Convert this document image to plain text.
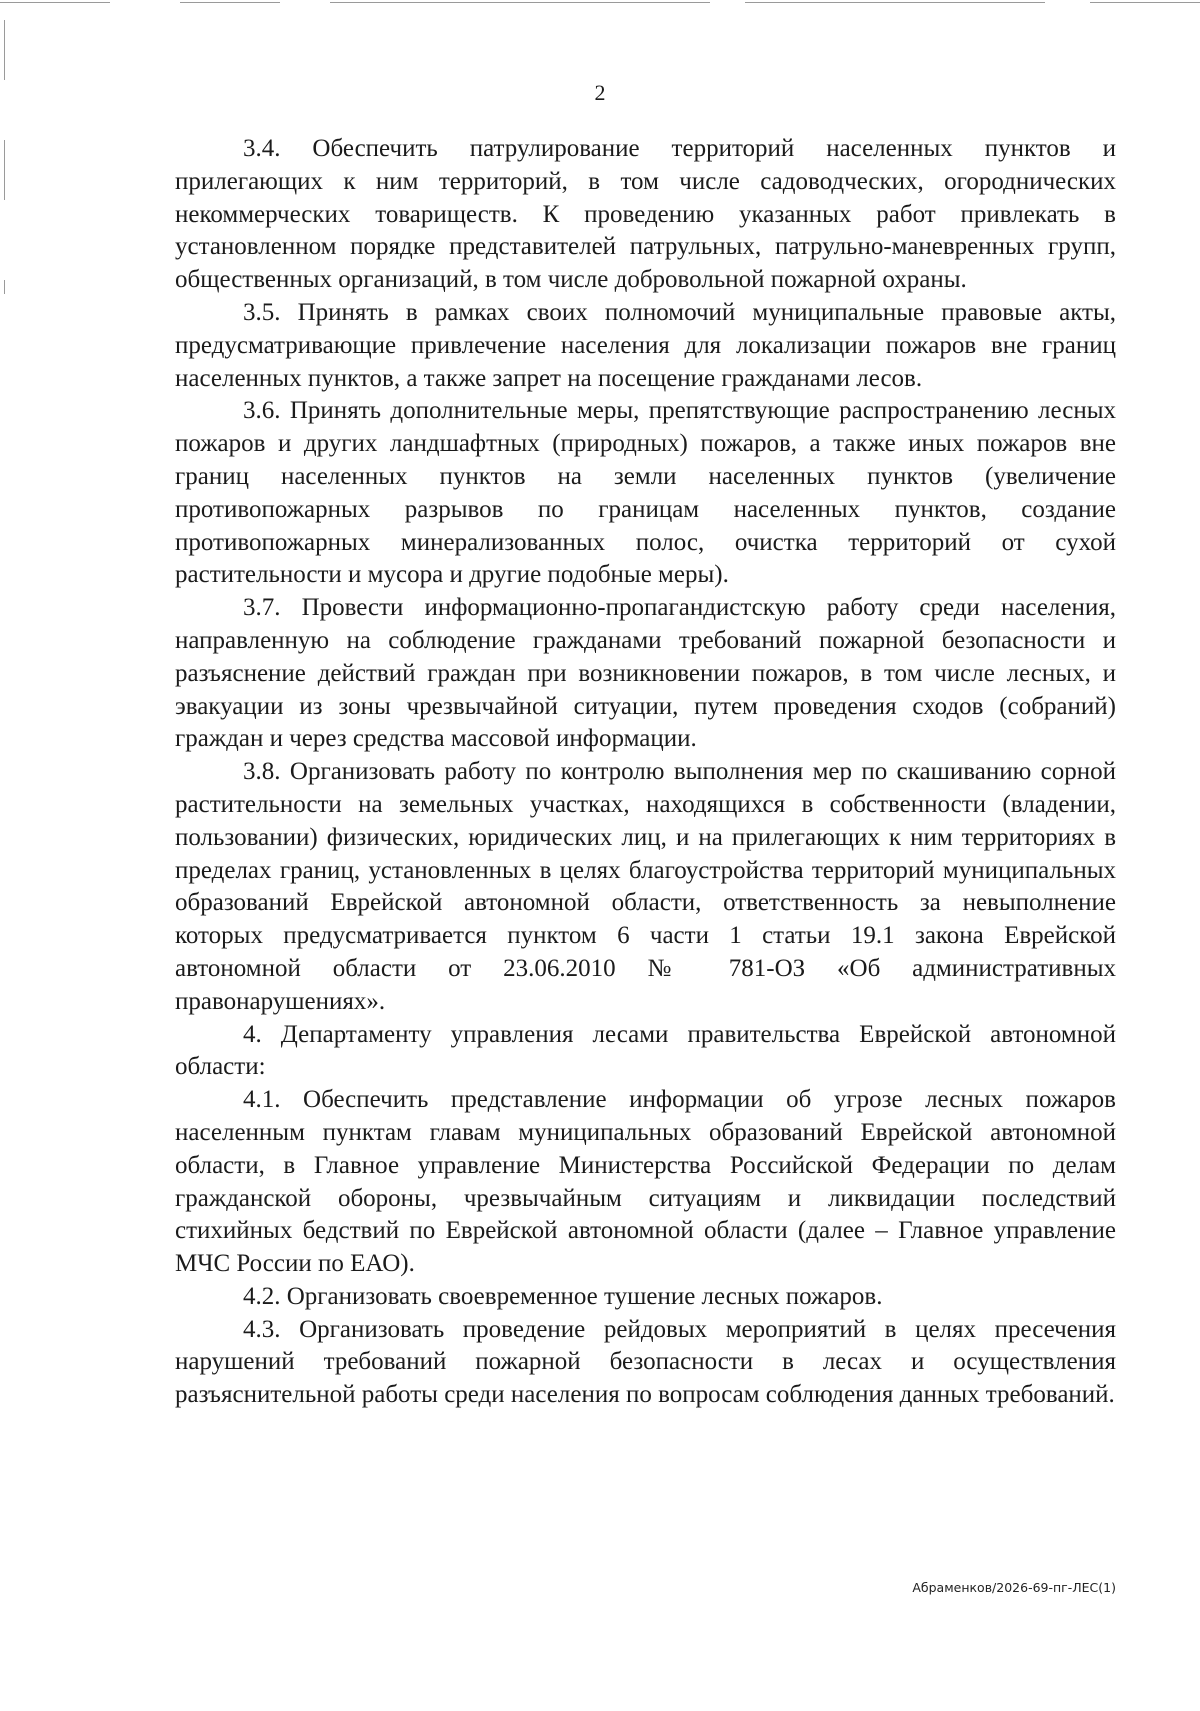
2

3.4. Обеспечить патрулирование территорий населенных пунктов и прилегающих к ним территорий, в том числе садоводческих, огороднических некоммерческих товариществ. К проведению указанных работ привлекать в установленном порядке представителей патрульных, патрульно-маневренных групп, общественных организаций, в том числе добровольной пожарной охраны.

3.5. Принять в рамках своих полномочий муниципальные правовые акты, предусматривающие привлечение населения для локализации пожаров вне границ населенных пунктов, а также запрет на посещение гражданами лесов.

3.6. Принять дополнительные меры, препятствующие распространению лесных пожаров и других ландшафтных (природных) пожаров, а также иных пожаров вне границ населенных пунктов на земли населенных пунктов (увеличение противопожарных разрывов по границам населенных пунктов, создание противопожарных минерализованных полос, очистка территорий от сухой растительности и мусора и другие подобные меры).

3.7. Провести информационно-пропагандистскую работу среди населения, направленную на соблюдение гражданами требований пожарной безопасности и разъяснение действий граждан при возникновении пожаров, в том числе лесных, и эвакуации из зоны чрезвычайной ситуации, путем проведения сходов (собраний) граждан и через средства массовой информации.

3.8. Организовать работу по контролю выполнения мер по скашиванию сорной растительности на земельных участках, находящихся в собственности (владении, пользовании) физических, юридических лиц, и на прилегающих к ним территориях в пределах границ, установленных в целях благоустройства территорий муниципальных образований Еврейской автономной области, ответственность за невыполнение которых предусматривается пунктом 6 части 1 статьи 19.1 закона Еврейской автономной области от 23.06.2010 № 781-ОЗ «Об административных правонарушениях».

4. Департаменту управления лесами правительства Еврейской автономной области:

4.1. Обеспечить представление информации об угрозе лесных пожаров населенным пунктам главам муниципальных образований Еврейской автономной области, в Главное управление Министерства Российской Федерации по делам гражданской обороны, чрезвычайным ситуациям и ликвидации последствий стихийных бедствий по Еврейской автономной области (далее – Главное управление МЧС России по ЕАО).

4.2. Организовать своевременное тушение лесных пожаров.

4.3. Организовать проведение рейдовых мероприятий в целях пресечения нарушений требований пожарной безопасности в лесах и осуществления разъяснительной работы среди населения по вопросам соблюдения данных требований.

Абраменков/2026-69-пг-ЛЕС(1)
